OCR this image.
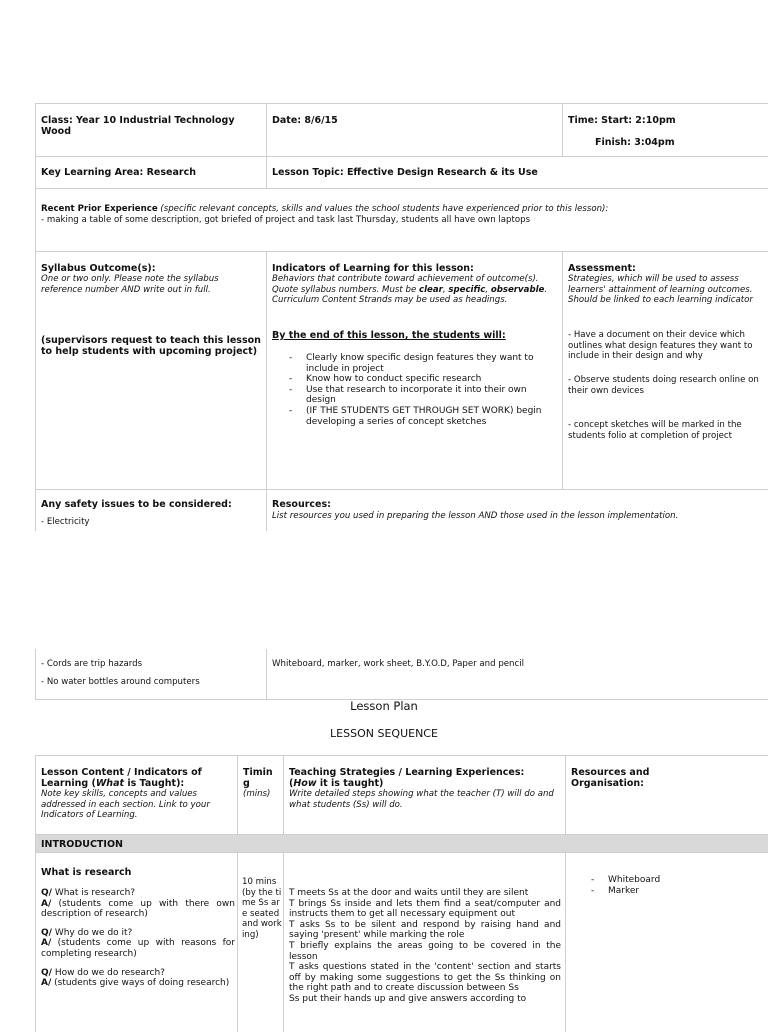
Class: Year 10 Industrial Technology Wood
Date: 8/6/15	Time: Start: 2:10pm
Finish: 3:04pm
Key Learning Area: Research	Lesson Topic: Effective Design Research & its Use
Recent Prior Experience (specific relevant concepts, skills and values the school students have experienced prior to this lesson):
- making a table of some description, got briefed of project and task last Thursday, students all have own laptops
Syllabus Outcome(s):
One or two only. Please note the syllabus reference number AND write out in full.
(supervisors request to teach this lesson to help students with upcoming project)
Indicators of Learning for this lesson:
Behaviors that contribute toward achievement of outcome(s). Quote syllabus numbers. Must be clear, specific, observable. Curriculum Content Strands may be used as headings.
By the end of this lesson, the students will:
- Clearly know specific design features they want to include in project
- Know how to conduct specific research
- Use that research to incorporate it into their own design
- (IF THE STUDENTS GET THROUGH SET WORK) begin developing a series of concept sketches
Assessment:
Strategies, which will be used to assess learners' attainment of learning outcomes. Should be linked to each learning indicator
- Have a document on their device which outlines what design features they want to include in their design and why
- Observe students doing research online on their own devices
- concept sketches will be marked in the students folio at completion of project
Any safety issues to be considered:
- Electricity
Resources:
List resources you used in preparing the lesson AND those used in the lesson implementation.
- Cords are trip hazards
- No water bottles around computers
Whiteboard, marker, work sheet, B.Y.O.D, Paper and pencil
Lesson Plan
LESSON SEQUENCE
Lesson Content / Indicators of Learning (What is Taught):
Note key skills, concepts and values addressed in each section. Link to your Indicators of Learning.
Timing
(mins)
Teaching Strategies / Learning Experiences:
(How it is taught)
Write detailed steps showing what the teacher (T) will do and what students (Ss) will do.
Resources and Organisation:
INTRODUCTION
What is research
Q/ What is research?
A/ (students come up with there own description of research)
Q/ Why do we do it?
A/ (students come up with reasons for completing research)
Q/ How do we do research?
A/ (students give ways of doing research)
10 mins (by the time Ss are seated and working)
T meets Ss at the door and waits until they are silent
T brings Ss inside and lets them find a seat/computer and instructs them to get all necessary equipment out
T asks Ss to be silent and respond by raising hand and saying 'present' while marking the role
T briefly explains the areas going to be covered in the lesson
T asks questions stated in the 'content' section and starts off by making some suggestions to get the Ss thinking on the right path and to create discussion between Ss
Ss put their hands up and give answers according to
- Whiteboard
- Marker
